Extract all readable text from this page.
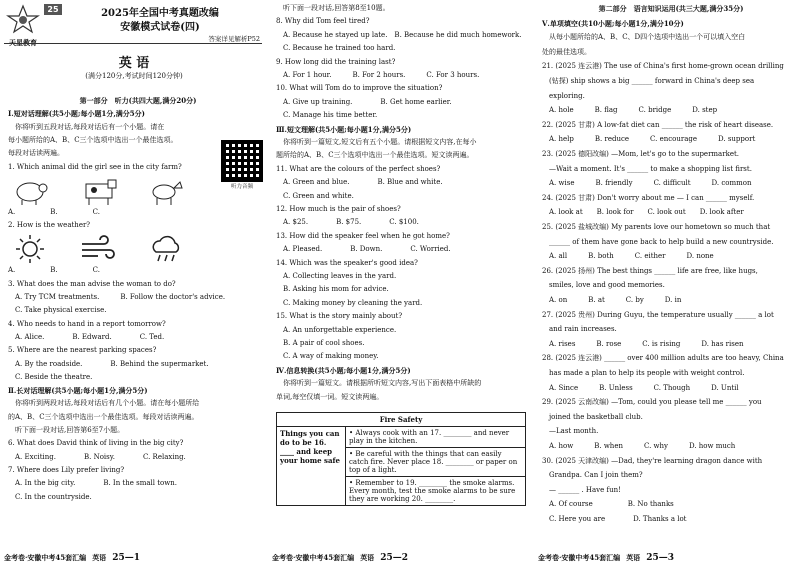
天星教育
25	2025年全国中考真题改编
安徽模式试卷(四)
答案详见解析P52
英 语
(满分120分,考试时间120分钟)
第一部分　听力(共四大题,满分20分)
Ⅰ.短对话理解(共5小题;每小题1分,满分5分)
　你将听到五段对话,每段对话后有一个小题。请在
每小题所给的A、B、C三个选项中选出一个最佳选项。
每段对话读两遍。
1. Which animal did the girl see in the city farm?
A.　　　　　B.　　　　　C.
2. How is the weather?
A.　　　　　B.　　　　　C.
3. What does the man advise the woman to do?
　A. Try TCM treatments.　　　B. Follow the doctor's advice.
　C. Take physical exercise.
4. Who needs to hand in a report tomorrow?
　A. Alice.　　　　B. Edward.　　　　C. Ted.
5. Where are the nearest parking spaces?
　A. By the roadside.　　　　B. Behind the supermarket.
　C. Beside the theatre.
Ⅱ.长对话理解(共5小题;每小题1分,满分5分)
　你将听到两段对话,每段对话后有几个小题。请在每小题所给
的A、B、C三个选项中选出一个最佳选项。每段对话读两遍。
　听下面一段对话,回答第6至7小题。
6. What does David think of living in the big city?
　A. Exciting.　　　　B. Noisy.　　　　C. Relaxing.
7. Where does Lily prefer living?
　A. In the big city.　　　　B. In the small town.
　C. In the countryside.
听力音频
　听下面一段对话,回答第8至10题。
8. Why did Tom feel tired?
　A. Because he stayed up late.　B. Because he did much homework.
　C. Because he trained too hard.
9. How long did the training last?
　A. For 1 hour.　　　B. For 2 hours.　　　C. For 3 hours.
10. What will Tom do to improve the situation?
　A. Give up training.　　　　B. Get home earlier.
　C. Manage his time better.
Ⅲ.短文理解(共5小题;每小题1分,满分5分)
　你将听到一篇短文,短文后有五个小题。请根据短文内容,在每小
题所给的A、B、C三个选项中选出一个最佳选项。短文读两遍。
11. What are the colours of the perfect shoes?
　A. Green and blue.　　　　B. Blue and white.
　C. Green and white.
12. How much is the pair of shoes?
　A. $25.　　　　B. $75.　　　　C. $100.
13. How did the speaker feel when he got home?
　A. Pleased.　　　　B. Down.　　　　C. Worried.
14. Which was the speaker's good idea?
　A. Collecting leaves in the yard.
　B. Asking his mom for advice.
　C. Making money by cleaning the yard.
15. What is the story mainly about?
　A. An unforgettable experience.
　B. A pair of cool shoes.
　C. A way of making money.
Ⅳ.信息转换(共5小题;每小题1分,满分5分)
　你将听到一篇短文。请根据所听短文内容,写出下面表格中所缺的
单词,每空仅填一词。短文读两遍。
Fire Safety
Things you can do to be 16. ____ and keep your home safe	• Always cook with an 17. ________ and never play in the kitchen.
• Be careful with the things that can easily catch fire. Never place 18. ________ or paper on top of a light.
• Remember to 19. ________ the smoke alarms. Every month, test the smoke alarms to be sure they are working 20. ________.
第二部分　语言知识运用(共三大题,满分35分)
Ⅴ.单项填空(共10小题;每小题1分,满分10分)
　从每小题所给的A、B、C、D四个选项中选出一个可以填入空白
处的最佳选项。
21. (2025 连云港) The use of China's first home-grown ocean drilling
　(钻探) ship shows a big ______ forward in China's deep sea
　exploring.
　A. hole　　　B. flag　　　C. bridge　　　D. step
22. (2025 甘肃) A low-fat diet can ______ the risk of heart disease.
　A. help　　　B. reduce　　　C. encourage　　　D. support
23. (2025 德阳改编) —Mom, let's go to the supermarket.
　—Wait a moment. It's ______ to make a shopping list first.
　A. wise　　　B. friendly　　　C. difficult　　　D. common
24. (2025 甘肃) Don't worry about me — I can ______ myself.
　A. look at　　B. look for　　C. look out　　D. look after
25. (2025 盐城改编) My parents love our hometown so much that
　______ of them have gone back to help build a new countryside.
　A. all　　　B. both　　　C. either　　　D. none
26. (2025 扬州) The best things ______ life are free, like hugs,
　smiles, love and good memories.
　A. on　　　B. at　　　C. by　　　D. in
27. (2025 贵州) During Guyu, the temperature usually ______ a lot
　and rain increases.
　A. rises　　　B. rose　　　C. is rising　　　D. has risen
28. (2025 连云港) ______ over 400 million adults are too heavy, China
　has made a plan to help its people with weight control.
　A. Since　　　B. Unless　　　C. Though　　　D. Until
29. (2025 云南改编) —Tom, could you please tell me ______ you
　joined the basketball club.
　—Last month.
　A. how　　　B. when　　　C. why　　　D. how much
30. (2025 天津改编) —Dad, they're learning dragon dance with
　Grandpa. Can I join them?
　— ______ . Have fun!
　A. Of course　　　　　B. No thanks
　C. Here you are　　　　D. Thanks a lot
金考卷·安徽中考45套汇编 英语 25—1	金考卷·安徽中考45套汇编 英语 25—2	金考卷·安徽中考45套汇编 英语 25—3
